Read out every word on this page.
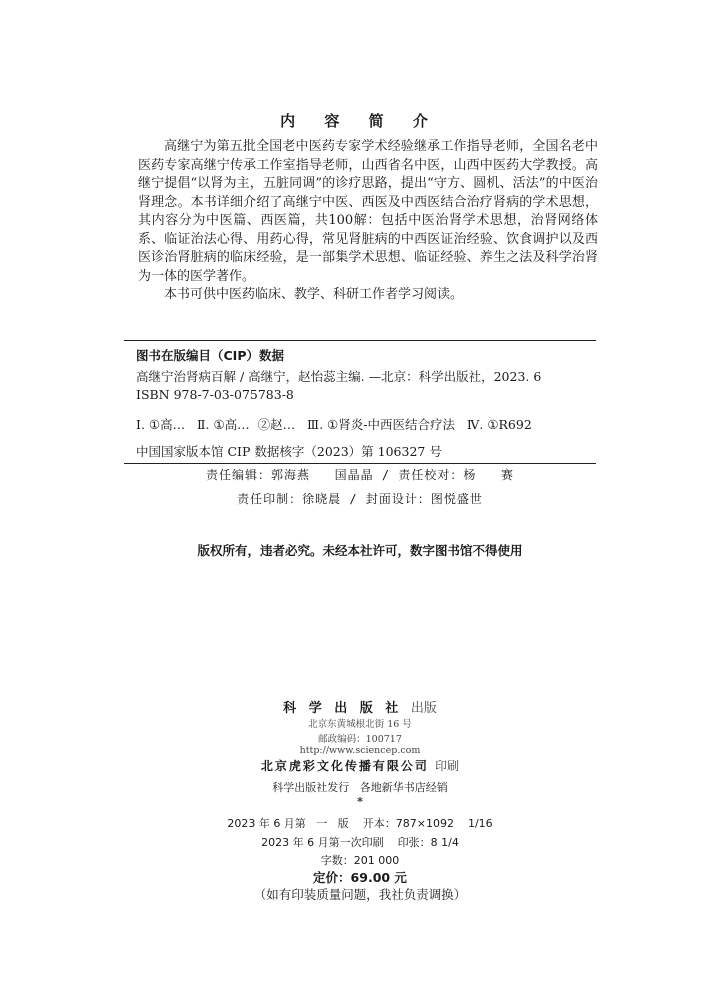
内 容 简 介

高继宁为第五批全国老中医药专家学术经验继承工作指导老师，全国名老中医药专家高继宁传承工作室指导老师，山西省名中医，山西中医药大学教授。高继宁提倡“以肾为主，五脏同调”的诊疗思路，提出“守方、圆机、活法”的中医治肾理念。本书详细介绍了高继宁中医、西医及中西医结合治疗肾病的学术思想，其内容分为中医篇、西医篇，共100解：包括中医治肾学术思想，治肾网络体系、临证治法心得、用药心得，常见肾脏病的中西医证治经验、饮食调护以及西医诊治肾脏病的临床经验，是一部集学术思想、临证经验、养生之法及科学治肾为一体的医学著作。

本书可供中医药临床、教学、科研工作者学习阅读。

图书在版编目（CIP）数据
高继宁治肾病百解 / 高继宁，赵怡蕊主编. —北京：科学出版社，2023. 6
ISBN 978-7-03-075783-8
Ⅰ. ①高…   Ⅱ. ①高…  ②赵…   Ⅲ. ①肾炎-中西医结合疗法   Ⅳ. ①R692
中国国家版本馆 CIP 数据核字（2023）第 106327 号
责任编辑：郭海燕   国晶晶 / 责任校对：杨   赛
责任印制：徐晓晨 / 封面设计：图悦盛世
版权所有，违者必究。未经本社许可，数字图书馆不得使用
科 学 出 版 社 出版
北京东黄城根北街 16 号
邮政编码：100717
http://www.sciencep.com
北京虎彩文化传播有限公司 印刷
科学出版社发行   各地新华书店经销
*
2023 年 6 月第   一   版    开本：787×1092    1/16
2023 年 6 月第一次印刷    印张：8 1/4
字数：201 000
定价：69.00 元
（如有印装质量问题，我社负责调换）
